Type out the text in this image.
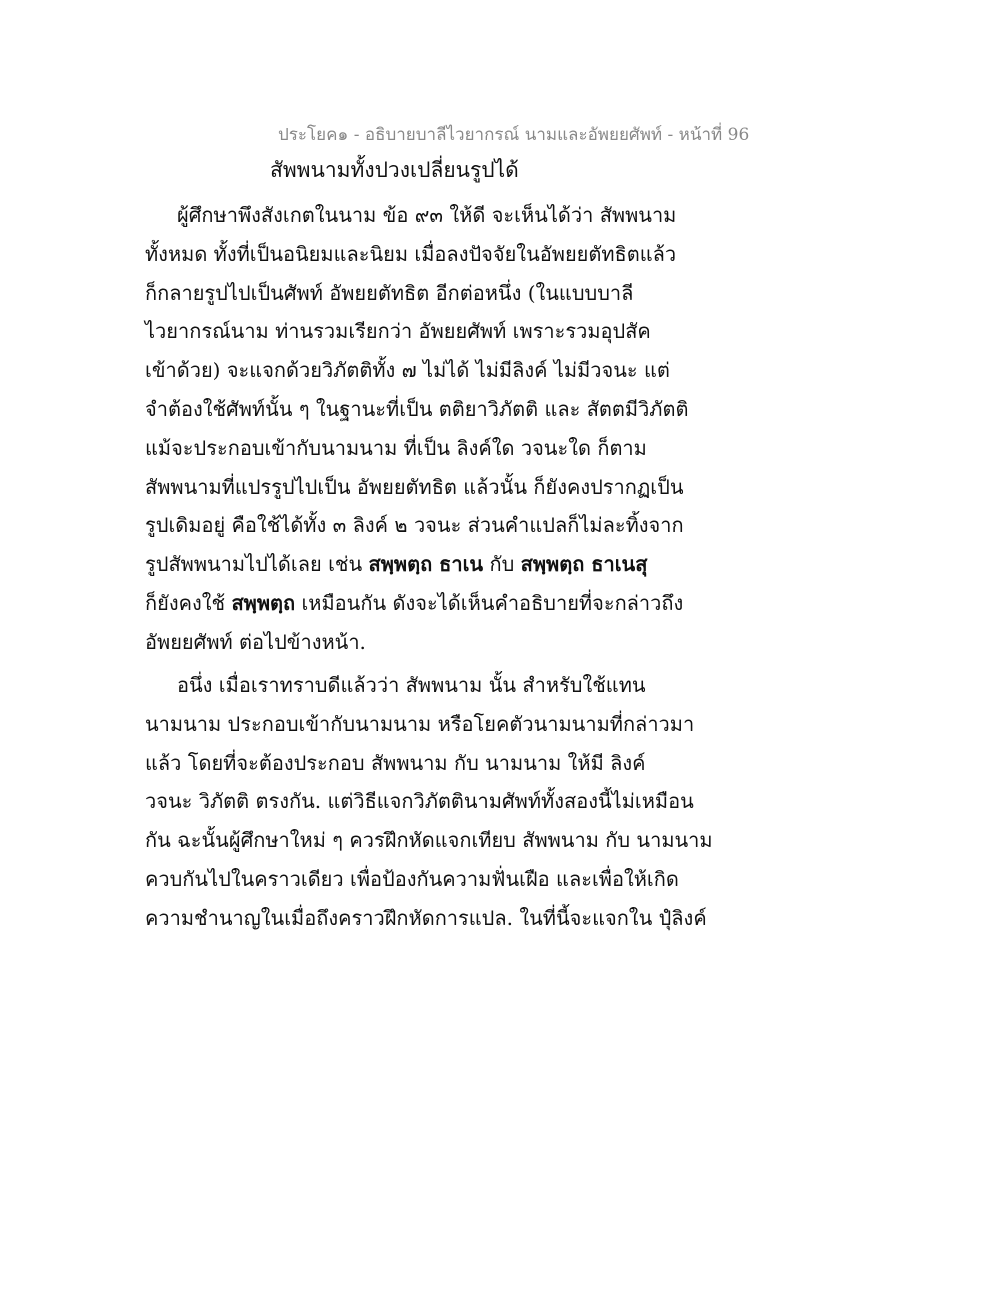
ประโยค๑ - อธิบายบาลีไวยากรณ์ นามและอัพยยศัพท์ - หน้าที่ 96
สัพพนามทั้งปวงเปลี่ยนรูปได้
ผู้ศึกษาพึงสังเกตในนาม ข้อ ๙๓ ให้ดี จะเห็นได้ว่า สัพพนาม
ทั้งหมด ทั้งที่เป็นอนิยมและนิยม เมื่อลงปัจจัยในอัพยยตัทธิตแล้ว
ก็กลายรูปไปเป็นศัพท์ อัพยยตัทธิต อีกต่อหนึ่ง (ในแบบบาลี
ไวยากรณ์นาม ท่านรวมเรียกว่า อัพยยศัพท์ เพราะรวมอุปสัค
เข้าด้วย) จะแจกด้วยวิภัตติทั้ง ๗ ไม่ได้ ไม่มีลิงค์ ไม่มีวจนะ แต่
จำต้องใช้ศัพท์นั้น ๆ ในฐานะที่เป็น ตติยาวิภัตติ และ สัตตมีวิภัตติ
แม้จะประกอบเข้ากับนามนาม ที่เป็น ลิงค์ใด วจนะใด ก็ตาม
สัพพนามที่แปรรูปไปเป็น อัพยยตัทธิต แล้วนั้น ก็ยังคงปรากฏเป็น
รูปเดิมอยู่ คือใช้ได้ทั้ง ๓ ลิงค์ ๒ วจนะ ส่วนคำแปลก็ไม่ละทิ้งจาก
รูปสัพพนามไปได้เลย เช่น สพฺพตฺถ ธาเน กับ สพฺพตฺถ ธาเนสุ
ก็ยังคงใช้ สพฺพตฺถ เหมือนกัน ดังจะได้เห็นคำอธิบายที่จะกล่าวถึง
อัพยยศัพท์ ต่อไปข้างหน้า.
อนึ่ง เมื่อเราทราบดีแล้วว่า สัพพนาม นั้น สำหรับใช้แทน
นามนาม ประกอบเข้ากับนามนาม หรือโยคตัวนามนามที่กล่าวมา
แล้ว โดยที่จะต้องประกอบ สัพพนาม กับ นามนาม ให้มี ลิงค์
วจนะ วิภัตติ ตรงกัน. แต่วิธีแจกวิภัตตินามศัพท์ทั้งสองนี้ไม่เหมือน
กัน ฉะนั้นผู้ศึกษาใหม่ ๆ ควรฝึกหัดแจกเทียบ สัพพนาม กับ นามนาม
ควบกันไปในคราวเดียว เพื่อป้องกันความฟั่นเฝือ และเพื่อให้เกิด
ความชำนาญในเมื่อถึงคราวฝึกหัดการแปล. ในที่นี้จะแจกใน ปุํลิงค์
